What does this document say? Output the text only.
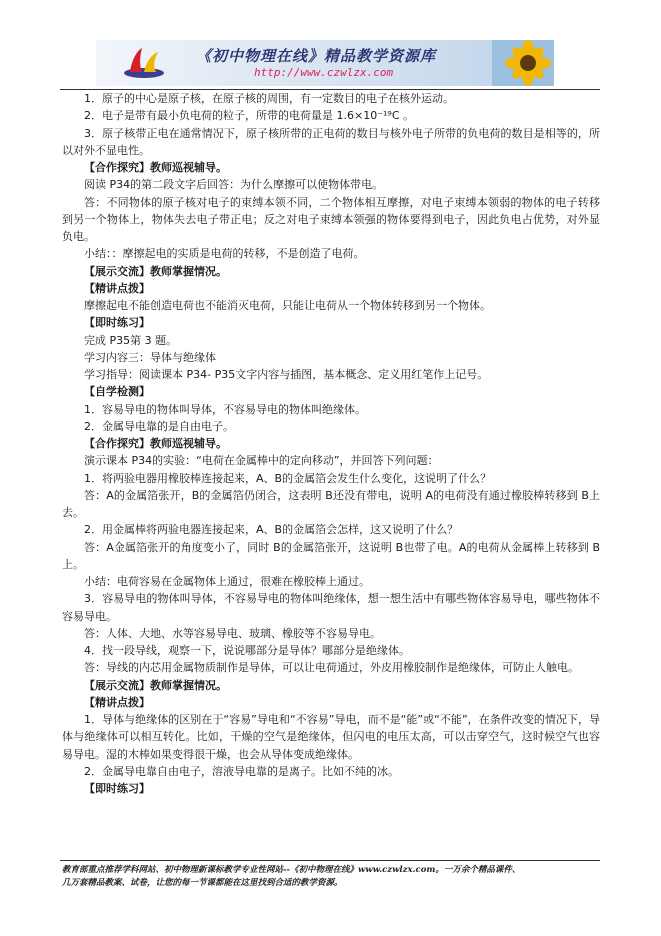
《初中物理在线》精品教学资源库
http://www.czwlzx.com

1．原子的中心是原子核，在原子核的周围，有一定数目的电子在核外运动。

2．电子是带有最小负电荷的粒子，所带的电荷量是 1.6×10⁻¹⁹C 。

3．原子核带正电在通常情况下，原子核所带的正电荷的数目与核外电子所带的负电荷的数目是相等的，所以对外不显电性。

【合作探究】教师巡视辅导。

阅读 P34的第二段文字后回答：为什么摩擦可以使物体带电。

答：不同物体的原子核对电子的束缚本领不同，二个物体相互摩擦，对电子束缚本领弱的物体的电子转移到另一个物体上，物体失去电子带正电；反之对电子束缚本领强的物体要得到电子，因此负电占优势，对外显负电。

小结：：摩擦起电的实质是电荷的转移，不是创造了电荷。

【展示交流】教师掌握情况。

【精讲点拨】

摩擦起电不能创造电荷也不能消灭电荷，只能让电荷从一个物体转移到另一个物体。

【即时练习】

完成 P35第 3 题。

学习内容三：导体与绝缘体

学习指导：阅读课本 P34- P35文字内容与插图，基本概念、定义用红笔作上记号。

【自学检测】

1．容易导电的物体叫导体，不容易导电的物体叫绝缘体。

2．金属导电靠的是自由电子。

【合作探究】教师巡视辅导。

演示课本 P34的实验：“电荷在金属棒中的定向移动”，并回答下列问题：

1．将两验电器用橡胶棒连接起来，A、B的金属箔会发生什么变化，这说明了什么？

答：A的金属箔张开，B的金属箔仍闭合，这表明 B还没有带电，说明 A的电荷没有通过橡胶棒转移到 B上去。

2．用金属棒将两验电器连接起来，A、B的金属箔会怎样，这又说明了什么？

答：A金属箔张开的角度变小了，同时 B的金属箔张开，这说明 B也带了电。A的电荷从金属棒上转移到 B上。

小结：电荷容易在金属物体上通过，很难在橡胶棒上通过。

3．容易导电的物体叫导体，不容易导电的物体叫绝缘体，想一想生活中有哪些物体容易导电，哪些物体不容易导电。

答：人体、大地、水等容易导电、玻璃、橡胶等不容易导电。

4．找一段导线，观察一下，说说哪部分是导体？哪部分是绝缘体。

答：导线的内芯用金属物质制作是导体，可以让电荷通过，外皮用橡胶制作是绝缘体，可防止人触电。

【展示交流】教师掌握情况。

【精讲点拨】

1．导体与绝缘体的区别在于“容易”导电和“不容易”导电，而不是“能”或“不能”，在条件改变的情况下，导体与绝缘体可以相互转化。比如，干燥的空气是绝缘体，但闪电的电压太高，可以击穿空气，这时候空气也容易导电。湿的木棒如果变得很干燥，也会从导体变成绝缘体。

2．金属导电靠自由电子，溶液导电靠的是离子。比如不纯的冰。

【即时练习】

教育部重点推荐学科网站、初中物理新课标教学专业性网站--《初中物理在线》www.czwlzx.com。一万余个精品课件、
几万套精品教案、试卷，让您的每一节课都能在这里找到合适的教学资源。
